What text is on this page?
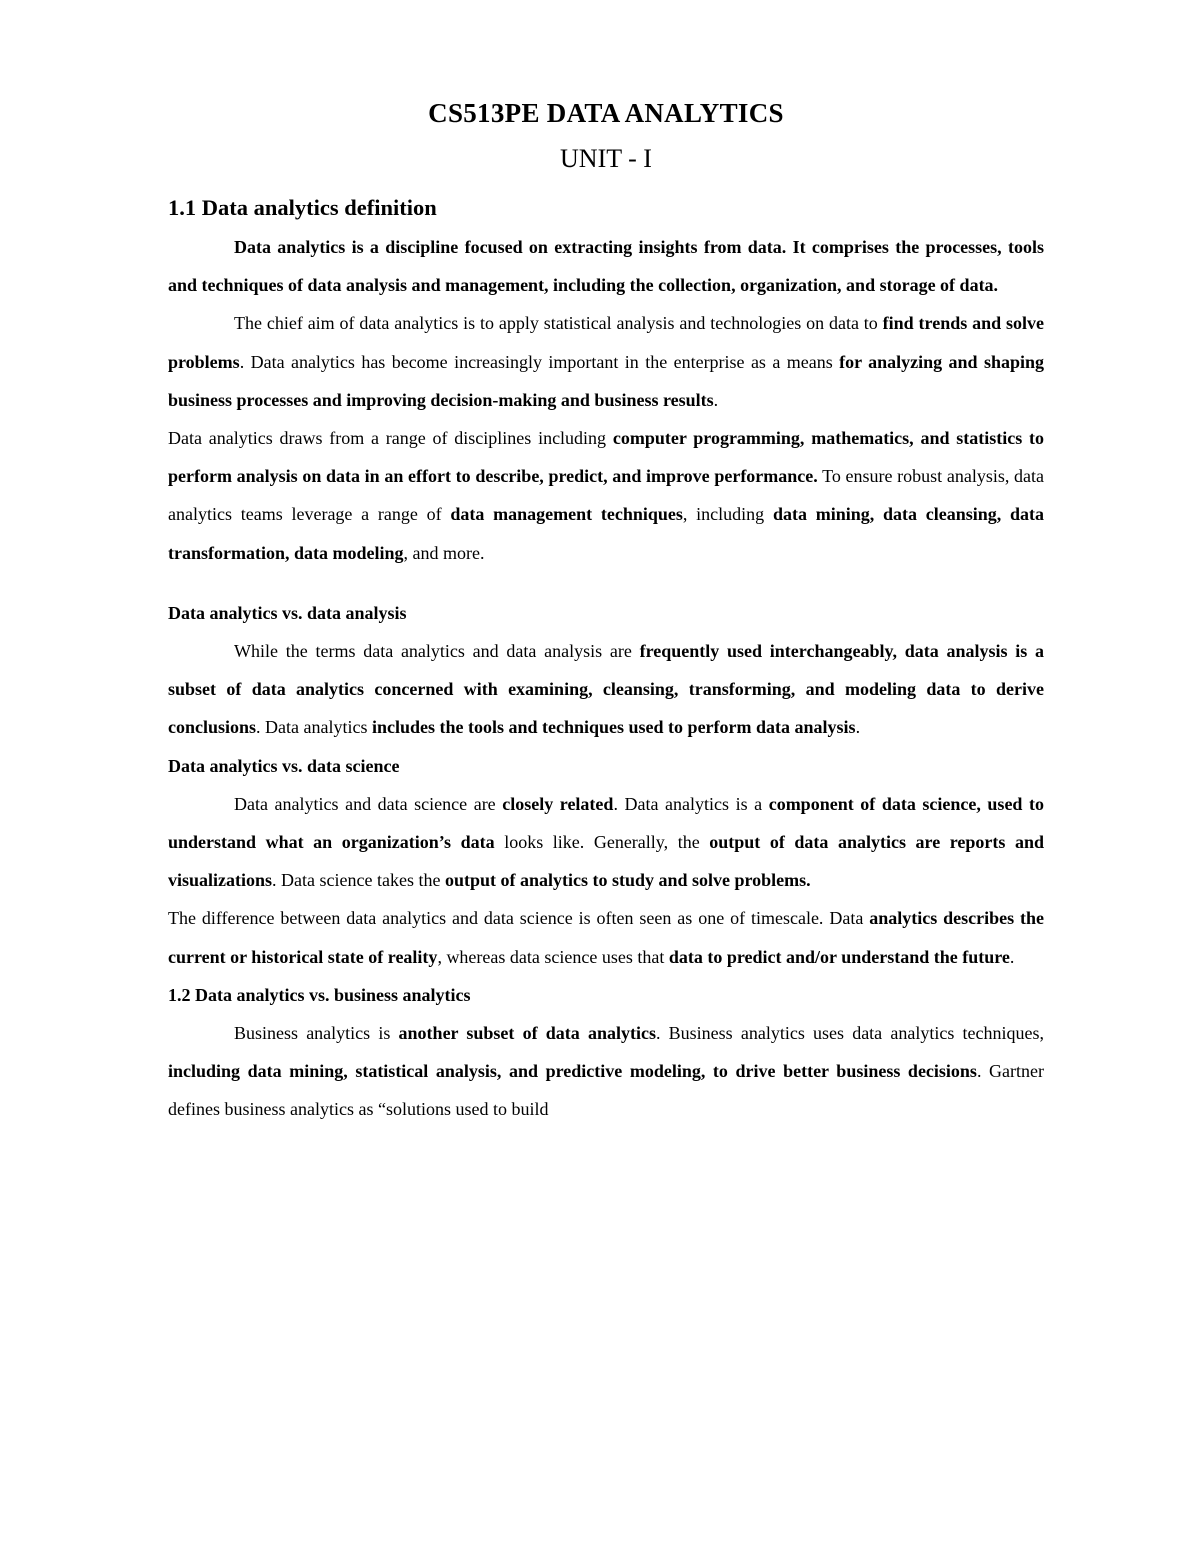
CS513PE DATA ANALYTICS
UNIT - I
1.1 Data analytics definition

Data analytics is a discipline focused on extracting insights from data. It comprises the processes, tools and techniques of data analysis and management, including the collection, organization, and storage of data.

The chief aim of data analytics is to apply statistical analysis and technologies on data to find trends and solve problems. Data analytics has become increasingly important in the enterprise as a means for analyzing and shaping business processes and improving decision-making and business results.

Data analytics draws from a range of disciplines including computer programming, mathematics, and statistics to perform analysis on data in an effort to describe, predict, and improve performance. To ensure robust analysis, data analytics teams leverage a range of data management techniques, including data mining, data cleansing, data transformation, data modeling, and more.

Data analytics vs. data analysis

While the terms data analytics and data analysis are frequently used interchangeably, data analysis is a subset of data analytics concerned with examining, cleansing, transforming, and modeling data to derive conclusions. Data analytics includes the tools and techniques used to perform data analysis.

Data analytics vs. data science

Data analytics and data science are closely related. Data analytics is a component of data science, used to understand what an organization’s data looks like. Generally, the output of data analytics are reports and visualizations. Data science takes the output of analytics to study and solve problems.

The difference between data analytics and data science is often seen as one of timescale. Data analytics describes the current or historical state of reality, whereas data science uses that data to predict and/or understand the future.

1.2 Data analytics vs. business analytics

Business analytics is another subset of data analytics. Business analytics uses data analytics techniques, including data mining, statistical analysis, and predictive modeling, to drive better business decisions. Gartner defines business analytics as “solutions used to build
